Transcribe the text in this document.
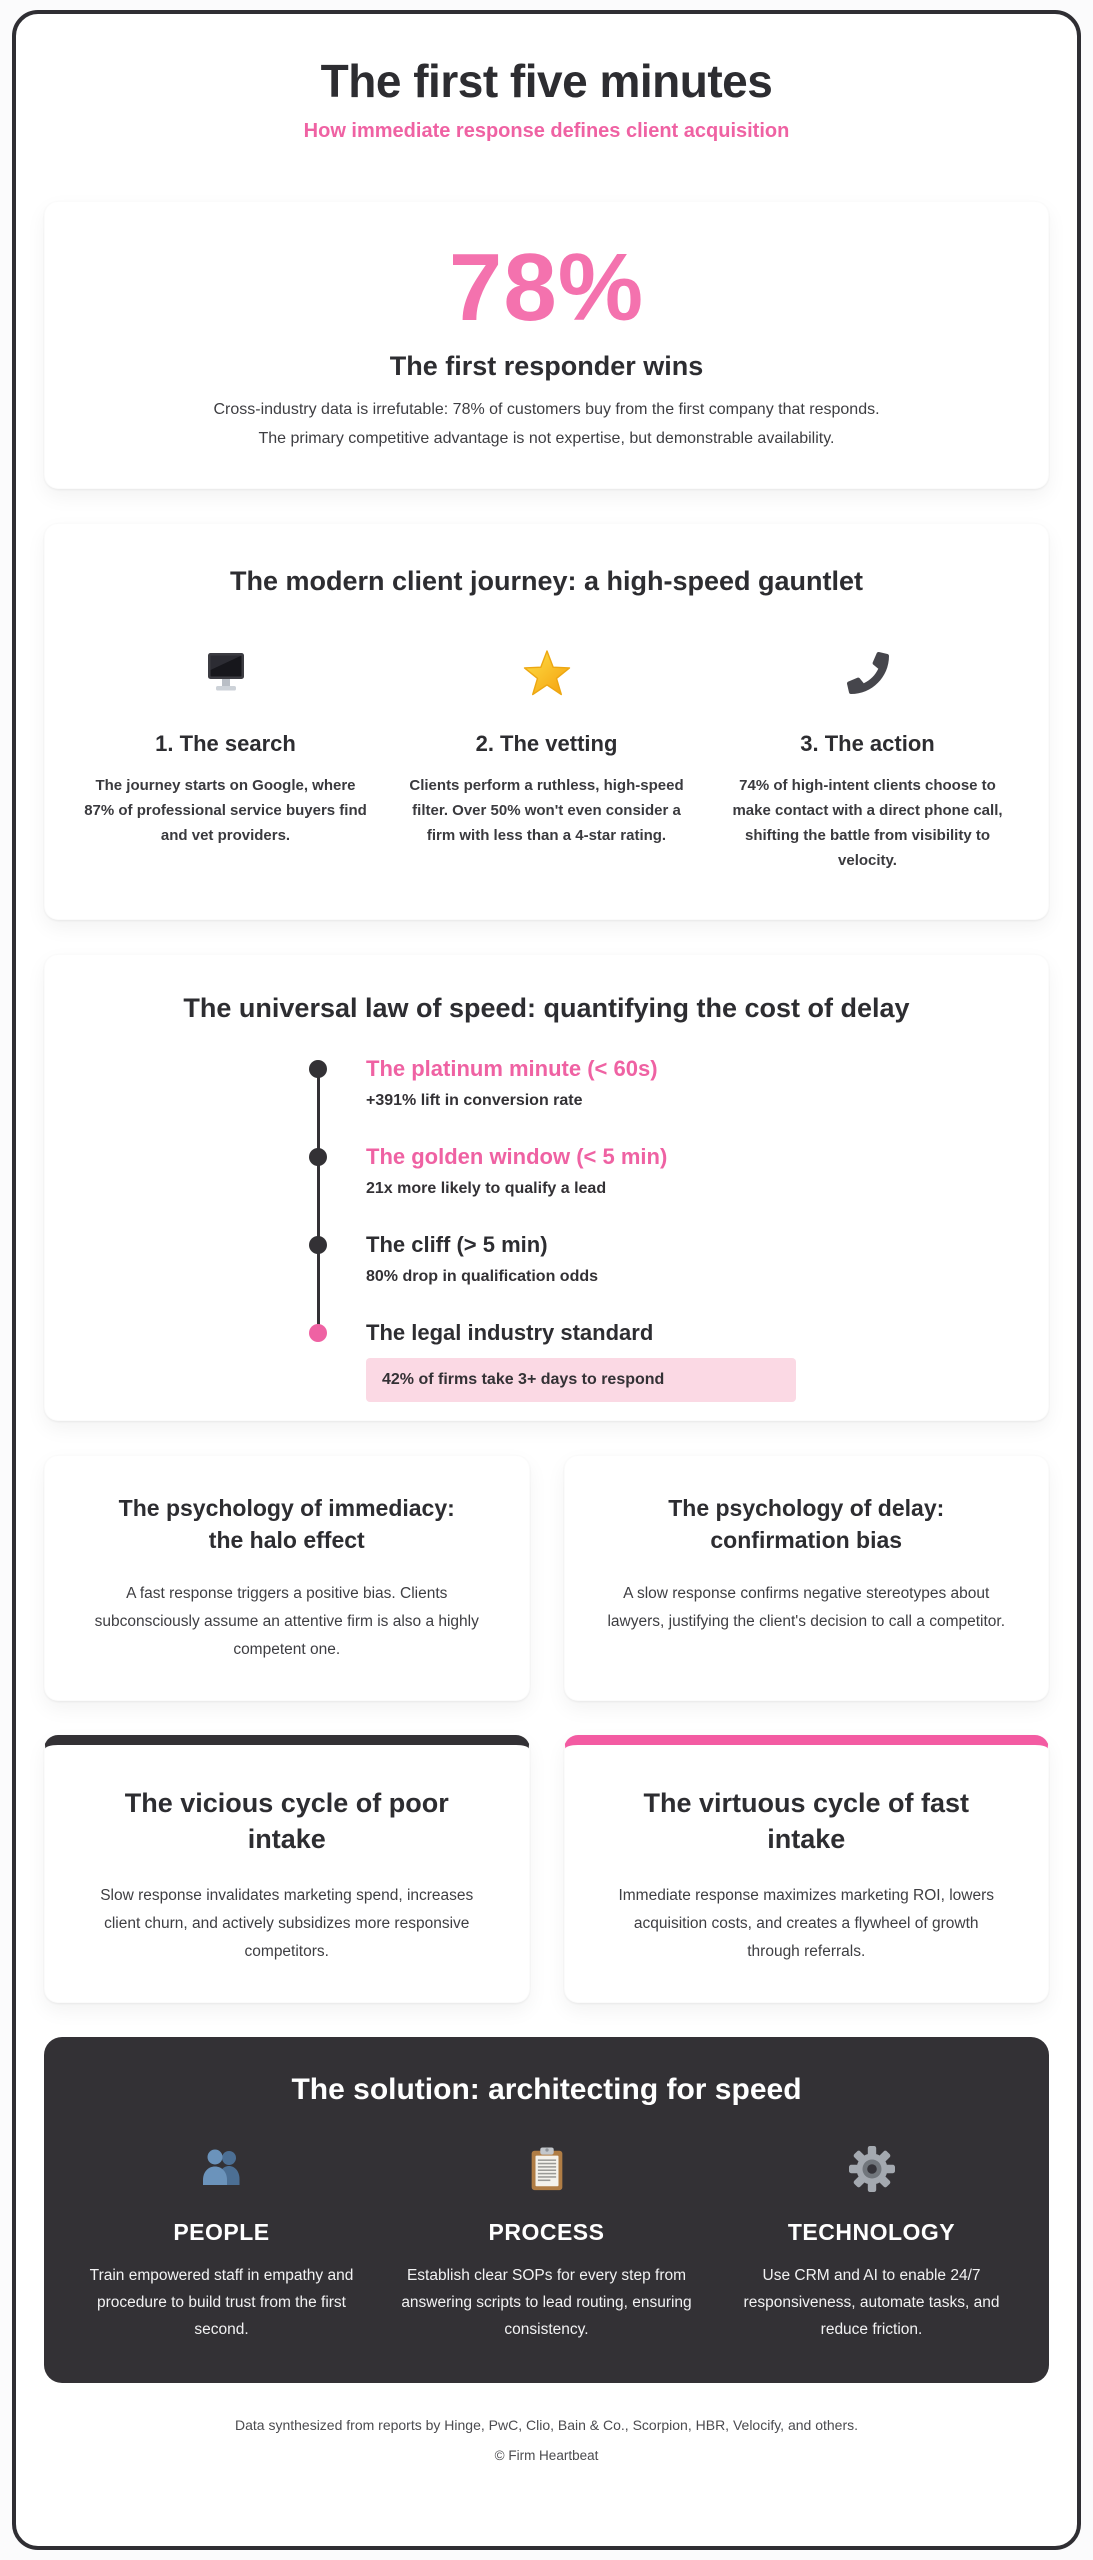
The first five minutes
How immediate response defines client acquisition
78%
The first responder wins
Cross-industry data is irrefutable: 78% of customers buy from the first company that responds. The primary competitive advantage is not expertise, but demonstrable availability.
The modern client journey: a high-speed gauntlet
1. The search
The journey starts on Google, where 87% of professional service buyers find and vet providers.
2. The vetting
Clients perform a ruthless, high-speed filter. Over 50% won't even consider a firm with less than a 4-star rating.
3. The action
74% of high-intent clients choose to make contact with a direct phone call, shifting the battle from visibility to velocity.
The universal law of speed: quantifying the cost of delay
The platinum minute (< 60s)
+391% lift in conversion rate
The golden window (< 5 min)
21x more likely to qualify a lead
The cliff (> 5 min)
80% drop in qualification odds
The legal industry standard
42% of firms take 3+ days to respond
The psychology of immediacy: the halo effect
A fast response triggers a positive bias. Clients subconsciously assume an attentive firm is also a highly competent one.
The psychology of delay: confirmation bias
A slow response confirms negative stereotypes about lawyers, justifying the client's decision to call a competitor.
The vicious cycle of poor intake
Slow response invalidates marketing spend, increases client churn, and actively subsidizes more responsive competitors.
The virtuous cycle of fast intake
Immediate response maximizes marketing ROI, lowers acquisition costs, and creates a flywheel of growth through referrals.
The solution: architecting for speed
PEOPLE
Train empowered staff in empathy and procedure to build trust from the first second.
PROCESS
Establish clear SOPs for every step from answering scripts to lead routing, ensuring consistency.
TECHNOLOGY
Use CRM and AI to enable 24/7 responsiveness, automate tasks, and reduce friction.
Data synthesized from reports by Hinge, PwC, Clio, Bain & Co., Scorpion, HBR, Velocify, and others.
© Firm Heartbeat
